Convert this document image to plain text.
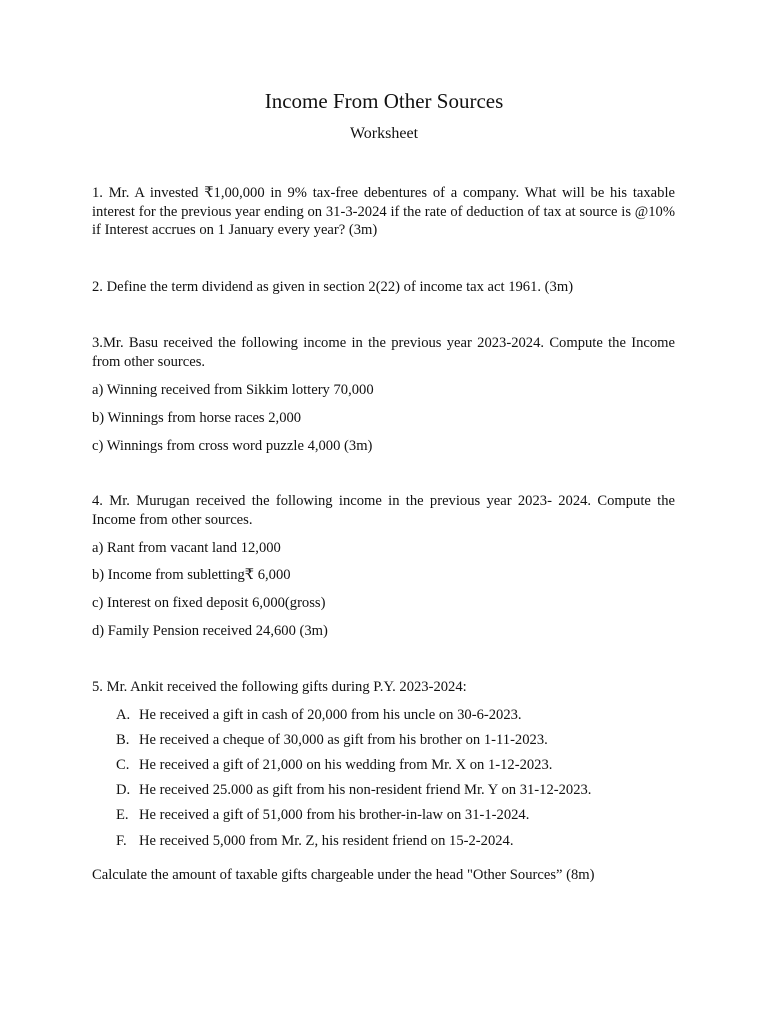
Income From Other Sources
Worksheet
1. Mr. A invested ₹1,00,000 in 9% tax-free debentures of a company. What will be his taxable interest for the previous year ending on 31-3-2024 if the rate of deduction of tax at source is @10% if Interest accrues on 1 January every year? (3m)
2. Define the term dividend as given in section 2(22) of income tax act 1961. (3m)
3.Mr. Basu received the following income in the previous year 2023-2024. Compute the Income from other sources.
a) Winning received from Sikkim lottery 70,000
b) Winnings from horse races 2,000
c) Winnings from cross word puzzle 4,000 (3m)
4. Mr. Murugan received the following income in the previous year 2023- 2024. Compute the Income from other sources.
a) Rant from vacant land 12,000
b) Income from subletting₹ 6,000
c) Interest on fixed deposit 6,000(gross)
d) Family Pension received 24,600 (3m)
5. Mr. Ankit received the following gifts during P.Y. 2023-2024:
A. He received a gift in cash of 20,000 from his uncle on 30-6-2023.
B. He received a cheque of 30,000 as gift from his brother on 1-11-2023.
C. He received a gift of 21,000 on his wedding from Mr. X on 1-12-2023.
D. He received 25.000 as gift from his non-resident friend Mr. Y on 31-12-2023.
E. He received a gift of 51,000 from his brother-in-law on 31-1-2024.
F. He received 5,000 from Mr. Z, his resident friend on 15-2-2024.
Calculate the amount of taxable gifts chargeable under the head "Other Sources” (8m)
